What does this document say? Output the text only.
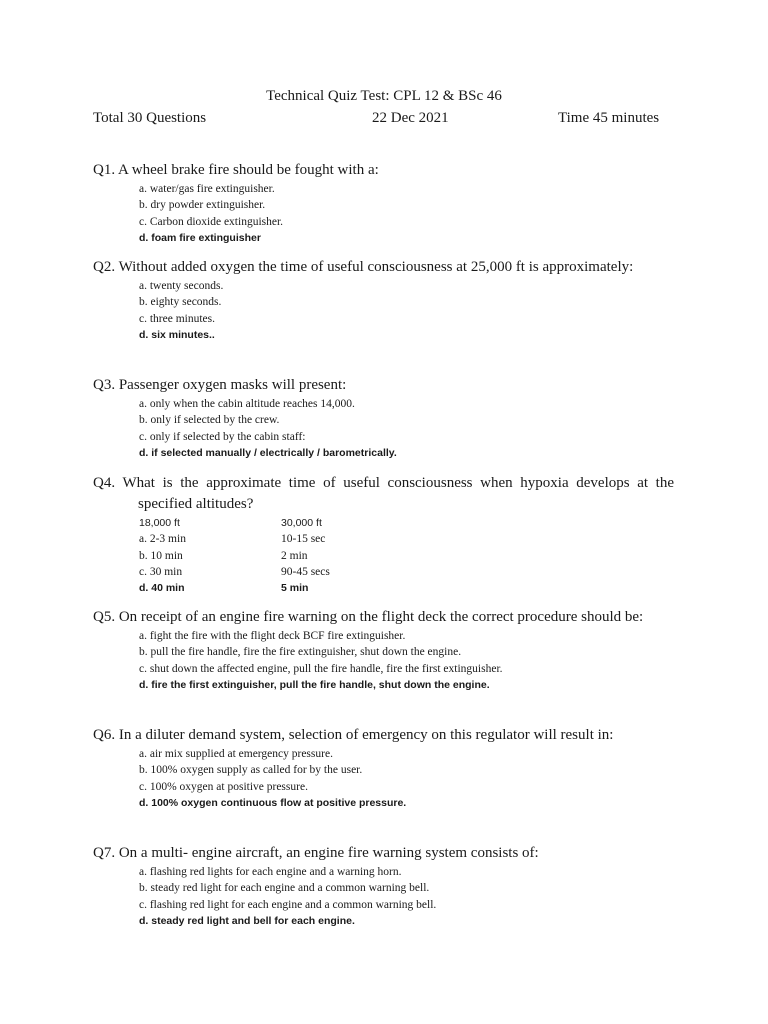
Technical Quiz Test: CPL 12 & BSc 46
Total 30 Questions	22 Dec 2021	Time 45 minutes
Q1. A wheel brake fire should be fought with a:
a. water/gas fire extinguisher.
b. dry powder extinguisher.
c. Carbon dioxide extinguisher.
d. foam fire extinguisher
Q2. Without added oxygen the time of useful consciousness at 25,000 ft is approximately:
a. twenty seconds.
b. eighty seconds.
c. three minutes.
d. six minutes..
Q3. Passenger oxygen masks will present:
a. only when the cabin altitude reaches 14,000.
b. only if selected by the crew.
c. only if selected by the cabin staff:
d. if selected manually / electrically / barometrically.
Q4. What is the approximate time of useful consciousness when hypoxia develops at the specified altitudes?
18,000 ft	30,000 ft
a. 2-3 min	10-15 sec
b. 10 min	2 min
c. 30 min	90-45 secs
d. 40 min	5 min
Q5. On receipt of an engine fire warning on the flight deck the correct procedure should be:
a. fight the fire with the flight deck BCF fire extinguisher.
b. pull the fire handle, fire the fire extinguisher, shut down the engine.
c. shut down the affected engine, pull the fire handle, fire the first extinguisher.
d. fire the first extinguisher, pull the fire handle, shut down the engine.
Q6. In a diluter demand system, selection of emergency on this regulator will result in:
a. air mix supplied at emergency pressure.
b. 100% oxygen supply as called for by the user.
c. 100% oxygen at positive pressure.
d. 100% oxygen continuous flow at positive pressure.
Q7. On a multi- engine aircraft, an engine fire warning system consists of:
a. flashing red lights for each engine and a warning horn.
b. steady red light for each engine and a common warning bell.
c. flashing red light for each engine and a common warning bell.
d. steady red light and bell for each engine.
